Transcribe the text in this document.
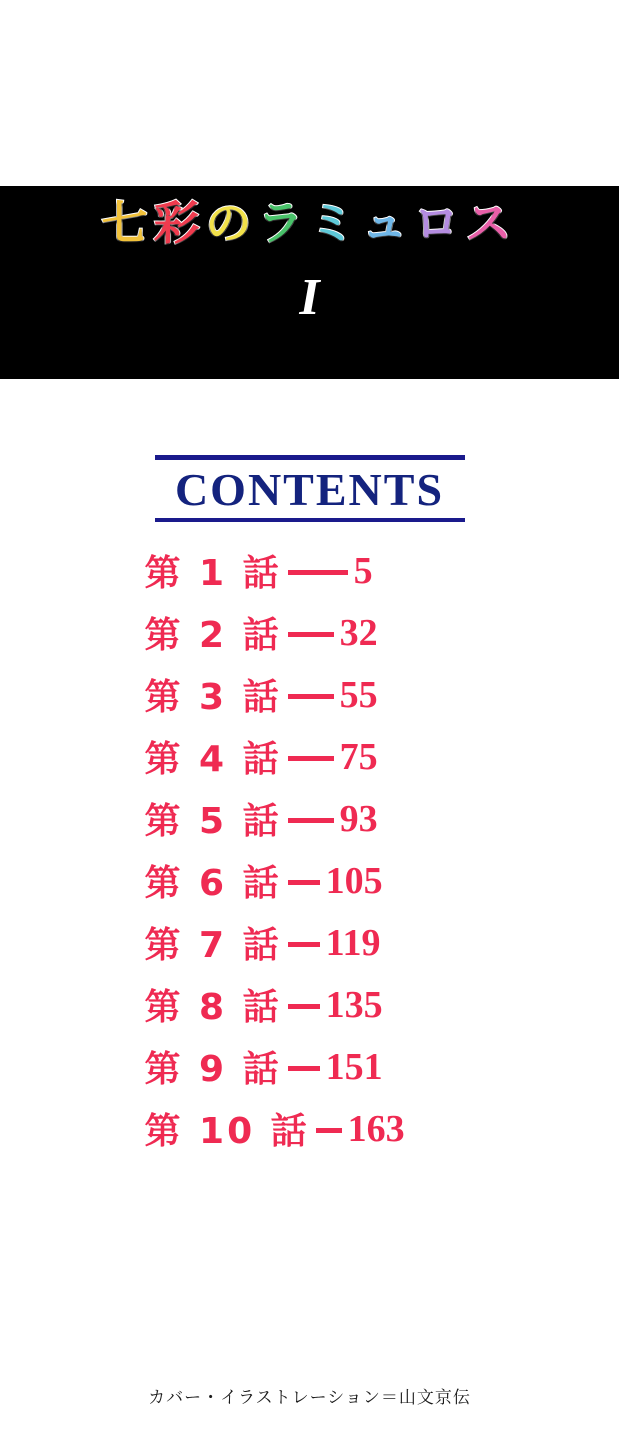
七彩のラミュロス
I
CONTENTS
第 1 話 5
第 2 話 32
第 3 話 55
第 4 話 75
第 5 話 93
第 6 話 105
第 7 話 119
第 8 話 135
第 9 話 151
第 10 話 163
カバー・イラストレーション＝山文京伝
